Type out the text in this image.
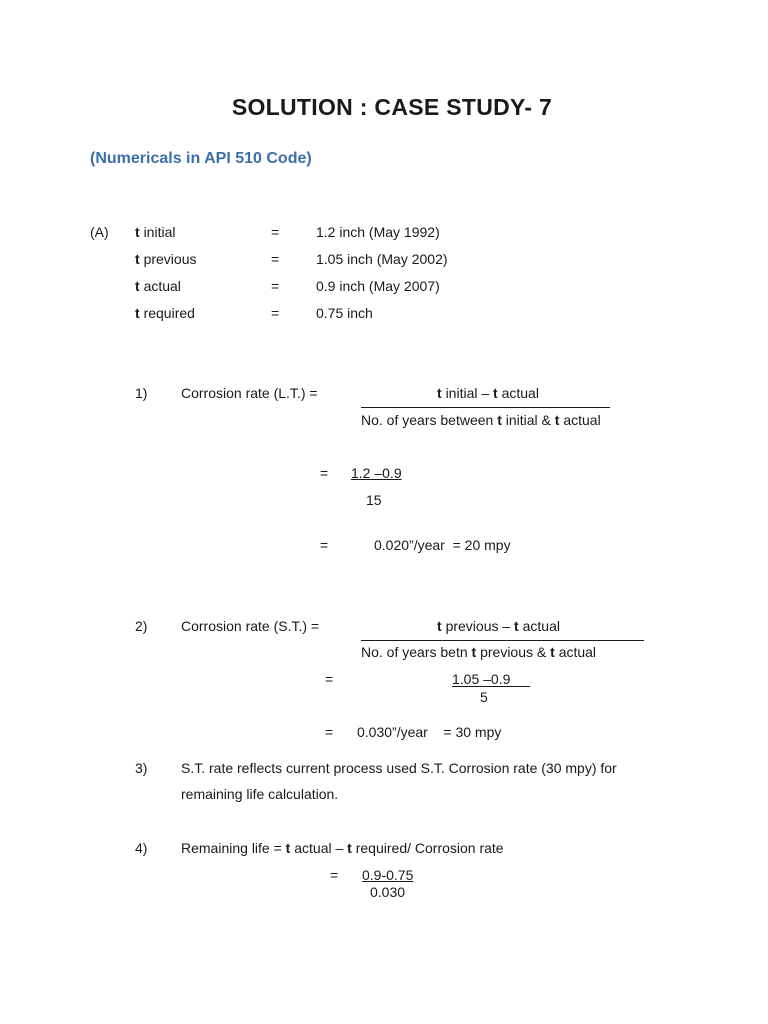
SOLUTION : CASE STUDY- 7
(Numericals in API 510 Code)
(A) t initial	=	1.2 inch (May 1992)
t previous	=	1.05 inch (May 2002)
t actual	=	0.9 inch (May 2007)
t required	=	0.75 inch
1) Corrosion rate (L.T.) =	t initial – t actual
No. of years between t initial & t actual
= 1.2 –0.9
15
=	0.020”/year  = 20 mpy
2) Corrosion rate (S.T.) =	t previous – t actual
No. of years betn t previous & t actual
=	1.05 –0.9
5
= 0.030”/year    = 30 mpy
3) S.T. rate reflects current process used S.T. Corrosion rate (30 mpy) for
remaining life calculation.
4) Remaining life = t actual – t required/ Corrosion rate
= 0.9-0.75
0.030
